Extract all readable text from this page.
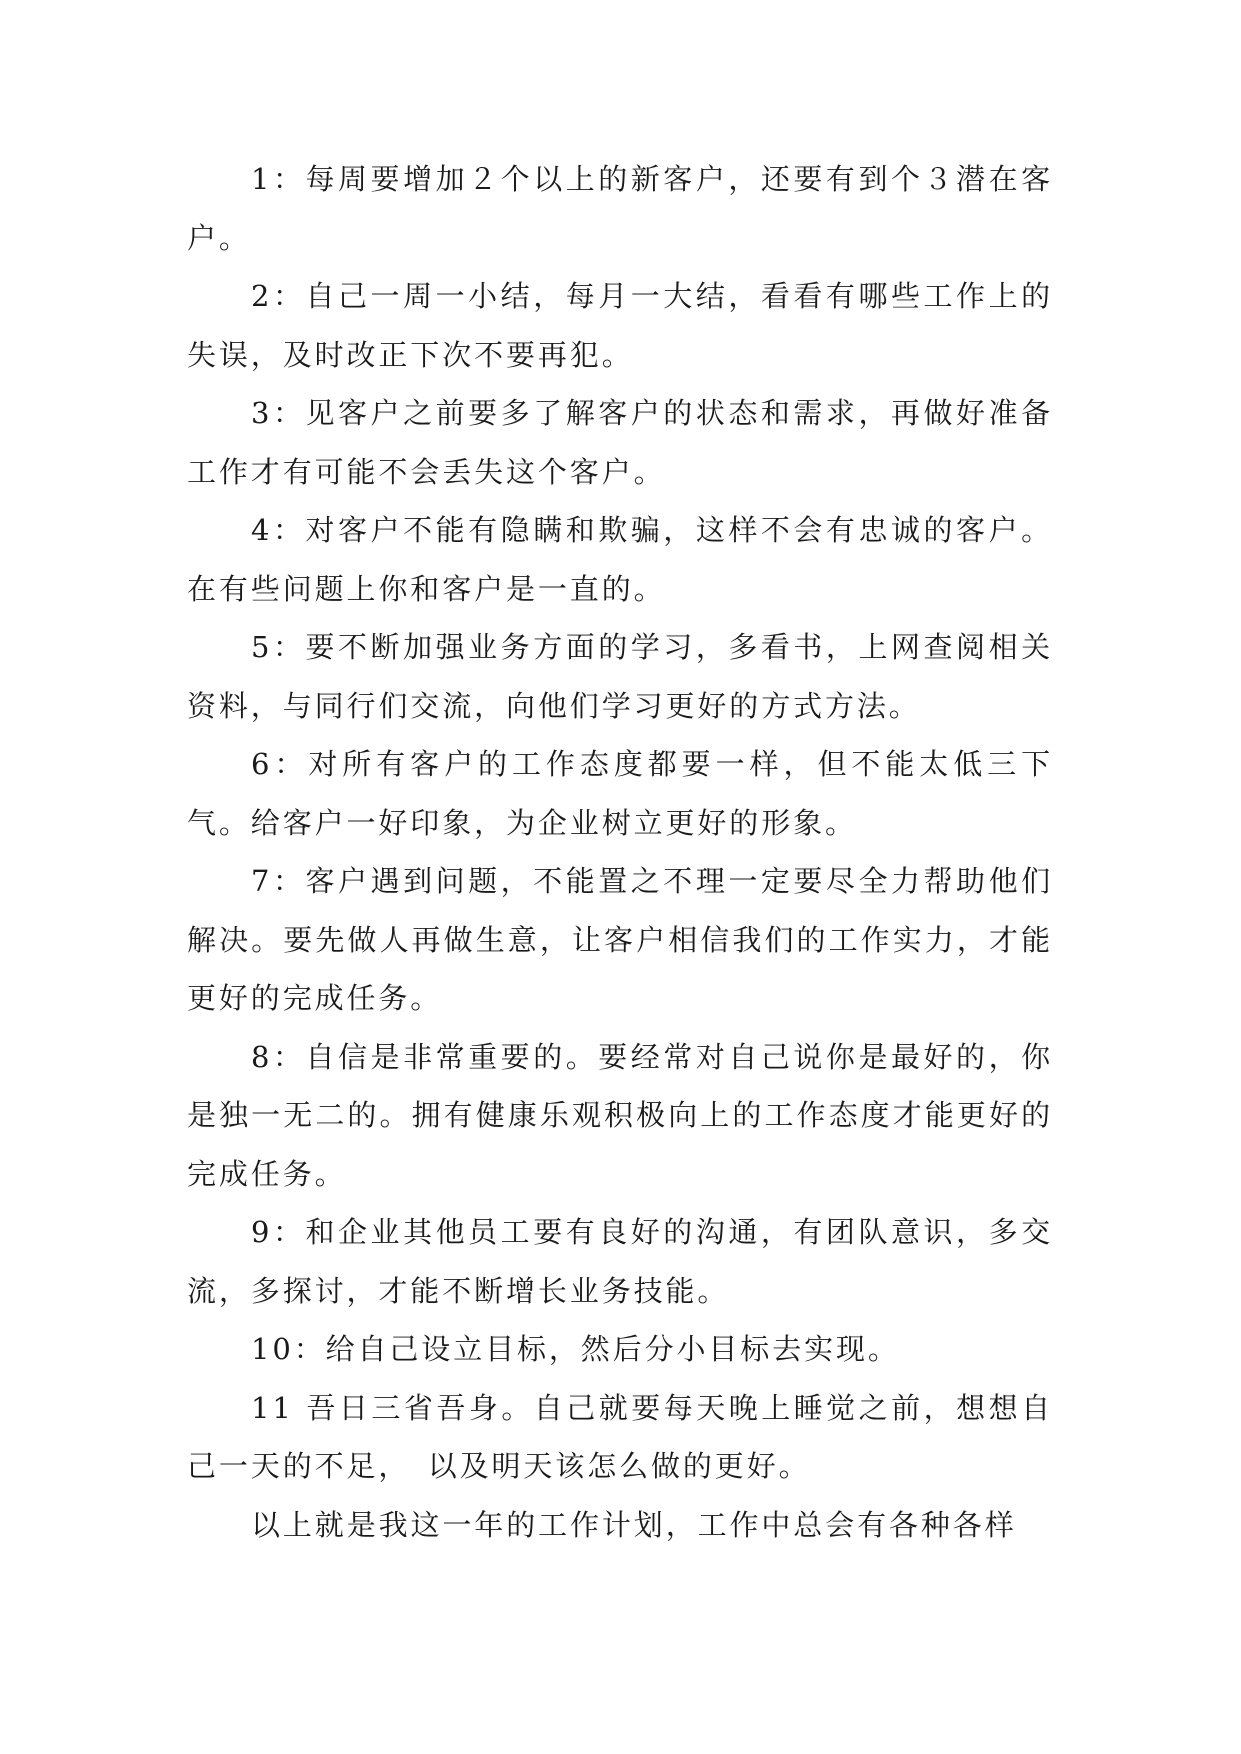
1：每周要增加２个以上的新客户，还要有到个３潜在客户。

2：自己一周一小结，每月一大结，看看有哪些工作上的失误，及时改正下次不要再犯。

3：见客户之前要多了解客户的状态和需求，再做好准备工作才有可能不会丢失这个客户。

4：对客户不能有隐瞒和欺骗，这样不会有忠诚的客户。在有些问题上你和客户是一直的。

5：要不断加强业务方面的学习，多看书，上网查阅相关资料，与同行们交流，向他们学习更好的方式方法。

6：对所有客户的工作态度都要一样，但不能太低三下气。给客户一好印象，为企业树立更好的形象。

7：客户遇到问题，不能置之不理一定要尽全力帮助他们解决。要先做人再做生意，让客户相信我们的工作实力，才能更好的完成任务。

8：自信是非常重要的。要经常对自己说你是最好的，你是独一无二的。拥有健康乐观积极向上的工作态度才能更好的完成任务。

9：和企业其他员工要有良好的沟通，有团队意识，多交流，多探讨，才能不断增长业务技能。

10：给自己设立目标，然后分小目标去实现。

11 吾日三省吾身。自己就要每天晚上睡觉之前，想想自己一天的不足，　以及明天该怎么做的更好。

以上就是我这一年的工作计划，工作中总会有各种各样
